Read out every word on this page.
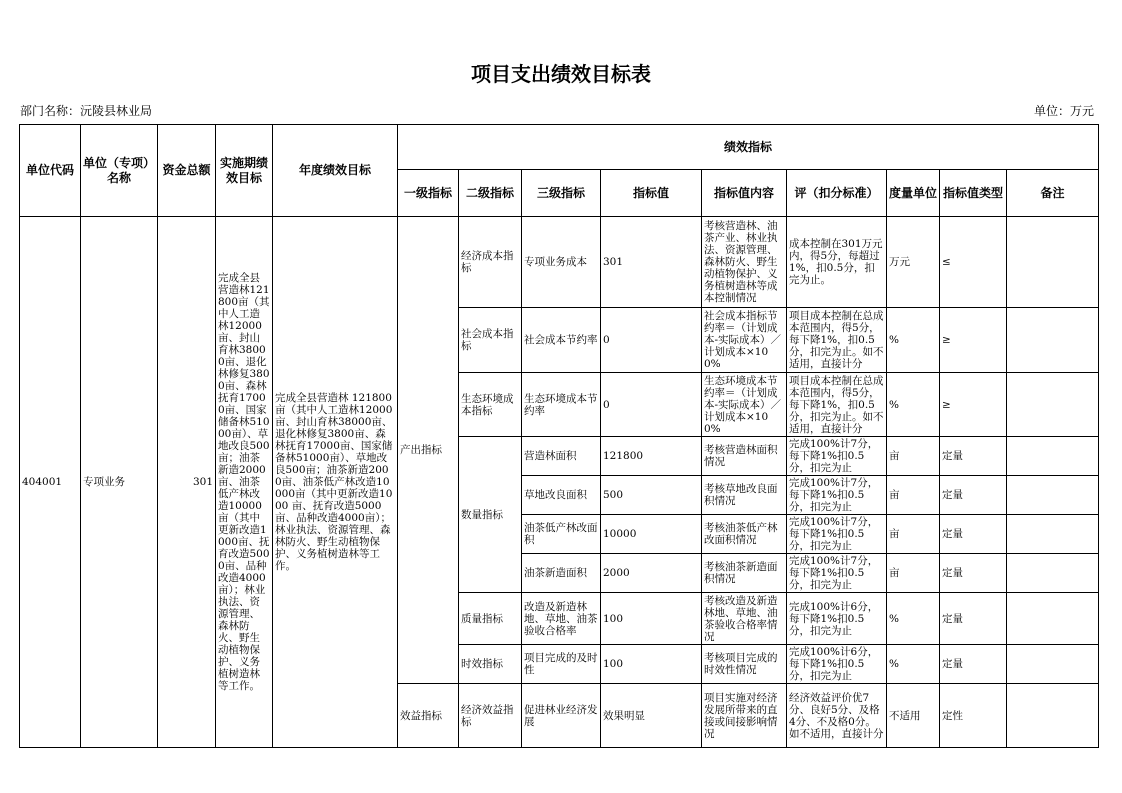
项目支出绩效目标表
部门名称：沅陵县林业局	单位：万元
单位代码	单位（专项）名称	资金总额	实施期绩效目标	年度绩效目标	绩效指标								
					一级指标	二级指标	三级指标	指标值	指标值内容	评（扣分标准）	度量单位	指标值类型	备注
404001	专项业务	301	完成全县营造林121800亩（其中人工造林12000亩、封山育林38000亩、退化林修复3800亩、森林抚育17000亩、国家储备林51000亩）、草地改良500亩；油茶新造2000亩、油茶低产林改造10000亩（其中更新改造1000亩、抚育改造5000亩、品种改造4000亩）；林业执法、资源管理、森林防火、野生动植物保护、义务植树造林等工作。	完成全县营造林 121800亩（其中人工造林12000亩、封山育林38000亩、退化林修复3800亩、森林抚育17000亩、国家储备林51000亩）、草地改良500亩；油茶新造2000亩、油茶低产林改造10000亩（其中更新改造1000 亩、抚育改造5000亩、品种改造4000亩）；林业执法、资源管理、森林防火、野生动植物保护、义务植树造林等工作。	产出指标	经济成本指标	专项业务成本	301	考核营造林、油茶产业、林业执法、资源管理、森林防火、野生动植物保护、义务植树造林等成本控制情况	成本控制在301万元内，得5分，每超过1%，扣0.5分，扣完为止。	万元	≤	
						社会成本指标	社会成本节约率	0	社会成本指标节约率＝（计划成本-实际成本）／计划成本×100%	项目成本控制在总成本范围内，得5分，每下降1%，扣0.5分，扣完为止。如不适用，直接计分	%	≥	
						生态环境成本指标	生态环境成本节约率	0	生态环境成本节约率＝（计划成本-实际成本）／计划成本×100%	项目成本控制在总成本范围内，得5分，每下降1%，扣0.5分，扣完为止。如不适用，直接计分	%	≥	
						数量指标	营造林面积	121800	考核营造林面积情况	完成100%计7分，每下降1%扣0.5分，扣完为止	亩	定量	
							草地改良面积	500	考核草地改良面积情况	完成100%计7分，每下降1%扣0.5分，扣完为止	亩	定量	
							油茶低产林改面积	10000	考核油茶低产林改面积情况	完成100%计7分，每下降1%扣0.5分，扣完为止	亩	定量	
							油茶新造面积	2000	考核油茶新造面积情况	完成100%计7分，每下降1%扣0.5分，扣完为止	亩	定量	
						质量指标	改造及新造林地、草地、油茶验收合格率	100	考核改造及新造林地、草地、油茶验收合格率情况	完成100%计6分，每下降1%扣0.5分，扣完为止	%	定量	
						时效指标	项目完成的及时性	100	考核项目完成的时效性情况	完成100%计6分，每下降1%扣0.5分，扣完为止	%	定量	
					效益指标	经济效益指标	促进林业经济发展	效果明显	项目实施对经济发展所带来的直接或间接影响情况	经济效益评价优7分、良好5分、及格4分、不及格0分。如不适用，直接计分	不适用	定性	
